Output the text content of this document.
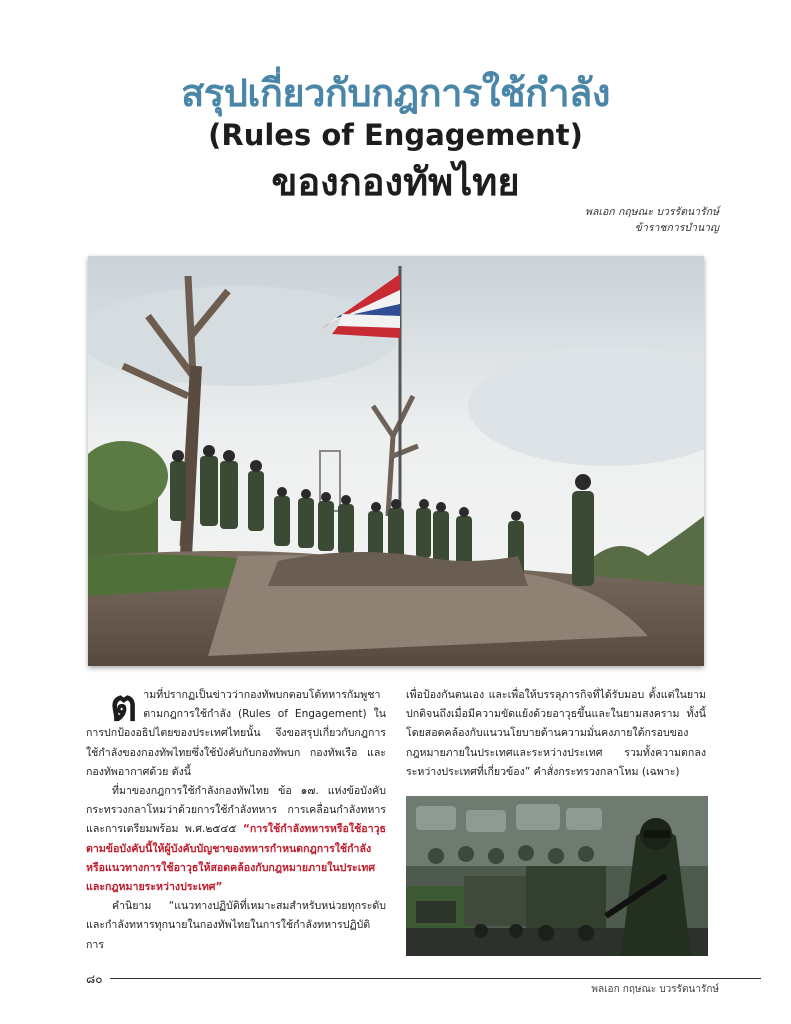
สรุปเกี่ยวกับกฎการใช้กำลัง
(Rules of Engagement)
ของกองทัพไทย
พลเอก กฤษณะ บวรรัตนารักษ์
ข้าราชการบำนาญ

ตามที่ปรากฏเป็นข่าวว่ากองทัพบกตอบโต้ทหารกัมพูชาตามกฎการใช้กำลัง (Rules of Engagement) ในการปกป้องอธิปไตยของประเทศไทยนั้น จึงขอสรุปเกี่ยวกับกฎการใช้กำลังของกองทัพไทยซึ่งใช้บังคับกับกองทัพบก กองทัพเรือ และกองทัพอากาศด้วย ดังนี้

ที่มาของกฎการใช้กำลังกองทัพไทย ข้อ ๑๗. แห่งข้อบังคับกระทรวงกลาโหมว่าด้วยการใช้กำลังทหาร การเคลื่อนกำลังทหาร และการเตรียมพร้อม พ.ศ.๒๕๔๕ “การใช้กำลังทหารหรือใช้อาวุธตามข้อบังคับนี้ให้ผู้บังคับบัญชาของทหารกำหนดกฎการใช้กำลังหรือแนวทางการใช้อาวุธให้สอดคล้องกับกฎหมายภายในประเทศและกฎหมายระหว่างประเทศ”

คำนิยาม “แนวทางปฏิบัติที่เหมาะสมสำหรับหน่วยทุกระดับและกำลังทหารทุกนายในกองทัพไทยในการใช้กำลังทหารปฏิบัติการ

เพื่อป้องกันตนเอง และเพื่อให้บรรลุภารกิจที่ได้รับมอบ ตั้งแต่ในยามปกติจนถึงเมื่อมีความขัดแย้งด้วยอาวุธขึ้นและในยามสงคราม ทั้งนี้ โดยสอดคล้องกับแนวนโยบายด้านความมั่นคงภายใต้กรอบของกฎหมายภายในประเทศและระหว่างประเทศ รวมทั้งความตกลงระหว่างประเทศที่เกี่ยวข้อง” คำสั่งกระทรวงกลาโหม (เฉพาะ)

๘๐
พลเอก กฤษณะ บวรรัตนารักษ์
